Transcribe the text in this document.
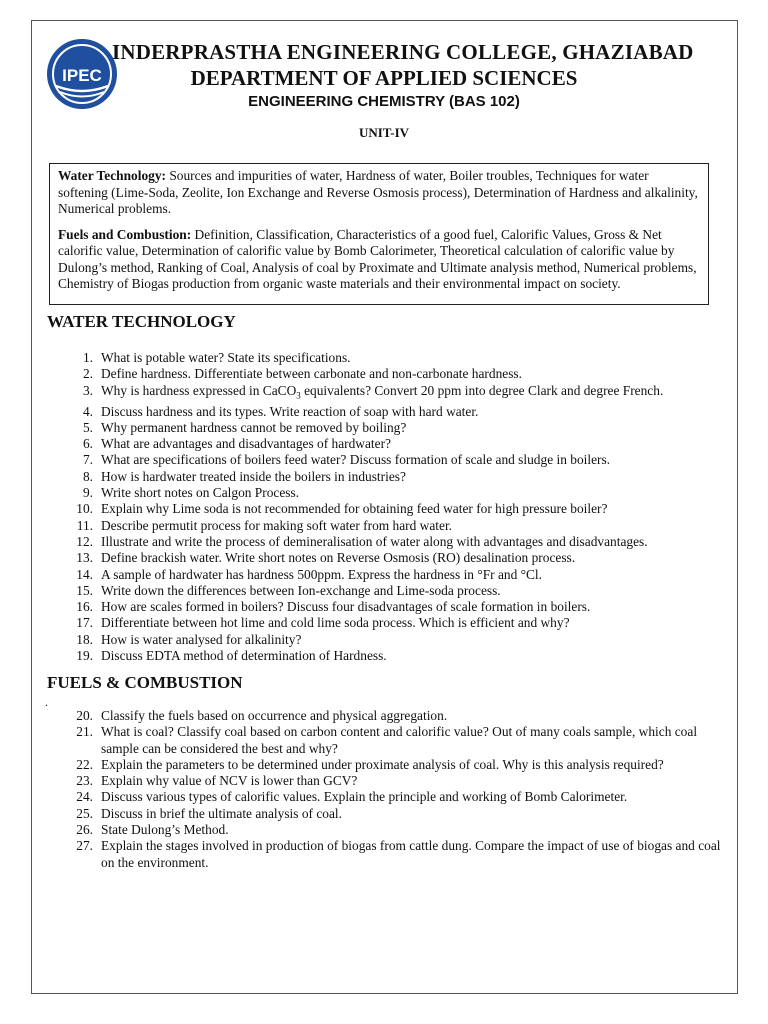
IPEC
INDERPRASTHA ENGINEERING COLLEGE, GHAZIABAD
DEPARTMENT OF APPLIED SCIENCES
ENGINEERING CHEMISTRY (BAS 102)
UNIT-IV

Water Technology: Sources and impurities of water, Hardness of water, Boiler troubles, Techniques for water softening (Lime-Soda, Zeolite, Ion Exchange and Reverse Osmosis process), Determination of Hardness and alkalinity, Numerical problems.

Fuels and Combustion: Definition, Classification, Characteristics of a good fuel, Calorific Values, Gross & Net calorific value, Determination of calorific value by Bomb Calorimeter, Theoretical calculation of calorific value by Dulong’s method, Ranking of Coal, Analysis of coal by Proximate and Ultimate analysis method, Numerical problems, Chemistry of Biogas production from organic waste materials and their environmental impact on society.

WATER TECHNOLOGY
1. What is potable water? State its specifications.
2. Define hardness. Differentiate between carbonate and non-carbonate hardness.
3. Why is hardness expressed in CaCO$_3$ equivalents? Convert 20 ppm into degree Clark and degree French.
4. Discuss hardness and its types. Write reaction of soap with hard water.
5. Why permanent hardness cannot be removed by boiling?
6. What are advantages and disadvantages of hardwater?
7. What are specifications of boilers feed water? Discuss formation of scale and sludge in boilers.
8. How is hardwater treated inside the boilers in industries?
9. Write short notes on Calgon Process.
10. Explain why Lime soda is not recommended for obtaining feed water for high pressure boiler?
11. Describe permutit process for making soft water from hard water.
12. Illustrate and write the process of demineralisation of water along with advantages and disadvantages.
13. Define brackish water. Write short notes on Reverse Osmosis (RO) desalination process.
14. A sample of hardwater has hardness 500ppm. Express the hardness in °Fr and °Cl.
15. Write down the differences between Ion-exchange and Lime-soda process.
16. How are scales formed in boilers? Discuss four disadvantages of scale formation in boilers.
17. Differentiate between hot lime and cold lime soda process. Which is efficient and why?
18. How is water analysed for alkalinity?
19. Discuss EDTA method of determination of Hardness.
FUELS & COMBUSTION
.
20. Classify the fuels based on occurrence and physical aggregation.
21. What is coal? Classify coal based on carbon content and calorific value? Out of many coals sample, which coal sample can be considered the best and why?
22. Explain the parameters to be determined under proximate analysis of coal. Why is this analysis required?
23. Explain why value of NCV is lower than GCV?
24. Discuss various types of calorific values. Explain the principle and working of Bomb Calorimeter.
25. Discuss in brief the ultimate analysis of coal.
26. State Dulong’s Method.
27. Explain the stages involved in production of biogas from cattle dung. Compare the impact of use of biogas and coal on the environment.
